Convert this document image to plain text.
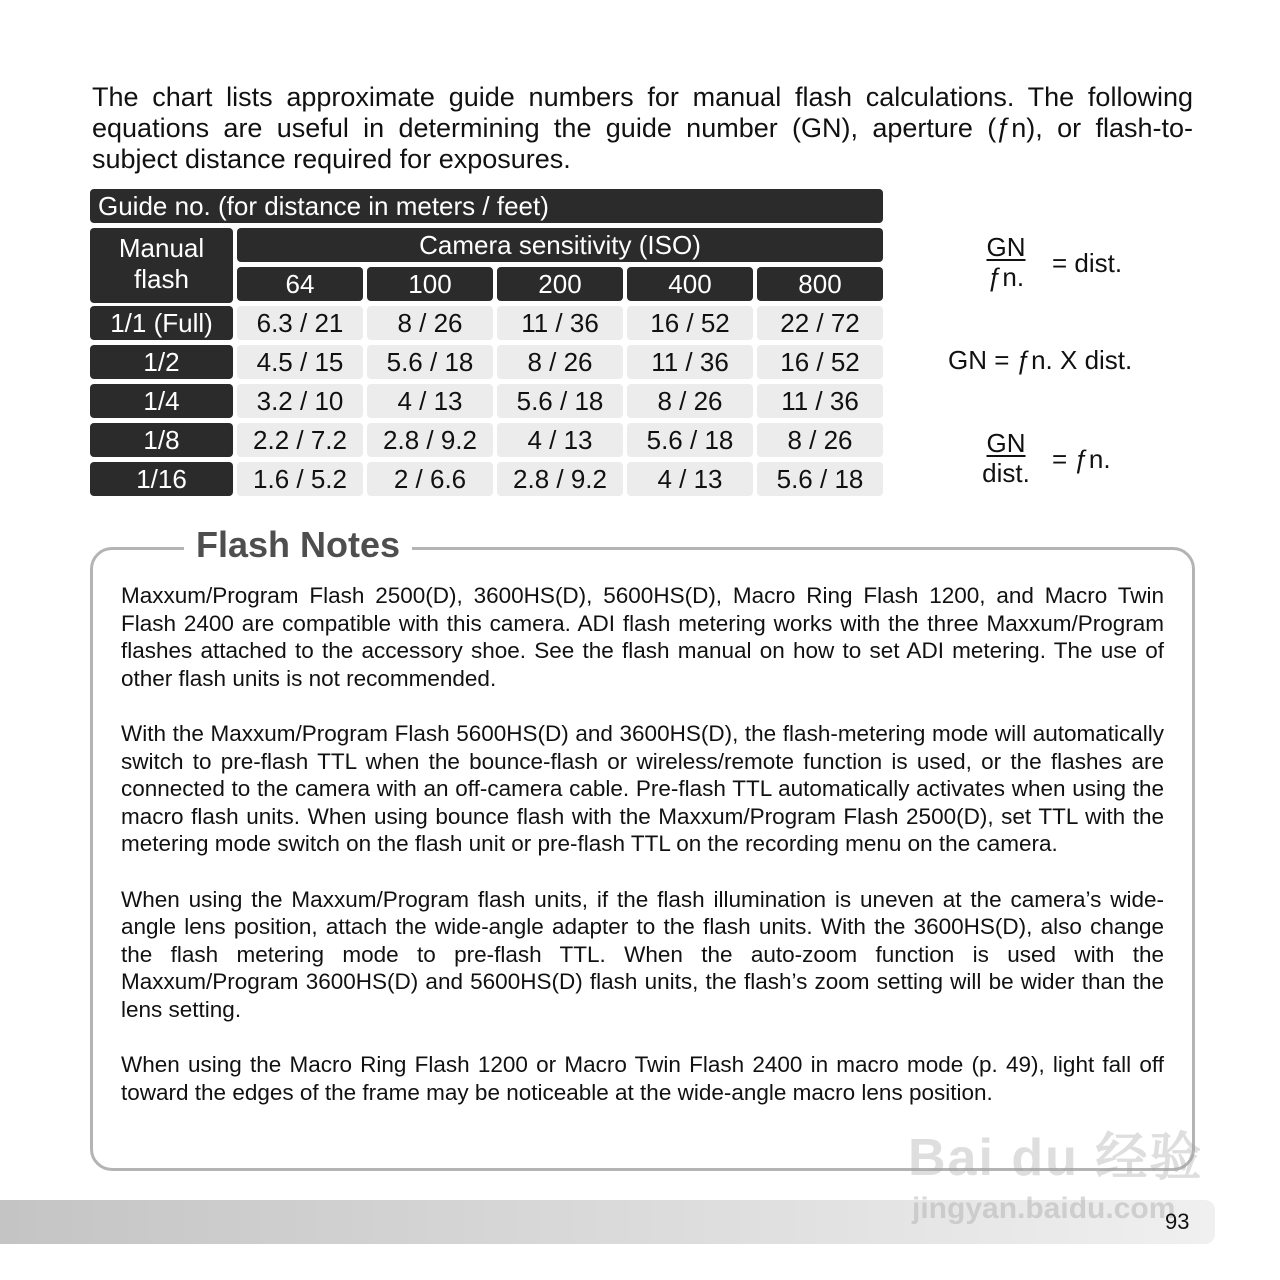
The chart lists approximate guide numbers for manual flash calculations. The following equations are useful in determining the guide number (GN), aperture (ƒn), or flash-to-subject distance required for exposures.

Guide no. (for distance in meters / feet)
Manual
flash
Camera sensitivity (ISO)
64	100	200	400	800
1/1 (Full)	6.3 / 21	8 / 26	11 / 36	16 / 52	22 / 72
1/2	4.5 / 15	5.6 / 18	8 / 26	11 / 36	16 / 52
1/4	3.2 / 10	4 / 13	5.6 / 18	8 / 26	11 / 36
1/8	2.2 / 7.2	2.8 / 9.2	4 / 13	5.6 / 18	8 / 26
1/16	1.6 / 5.2	2 / 6.6	2.8 / 9.2	4 / 13	5.6 / 18
$\frac{GN}{ƒn.}$ = dist.
GN = ƒn. X dist.
GN
dist. = ƒn.
Flash Notes

Maxxum/Program Flash 2500(D), 3600HS(D), 5600HS(D), Macro Ring Flash 1200, and Macro Twin Flash 2400 are compatible with this camera. ADI flash metering works with the three Maxxum/Program flashes attached to the accessory shoe. See the flash manual on how to set ADI metering. The use of other flash units is not recommended.

With the Maxxum/Program Flash 5600HS(D) and 3600HS(D), the flash-metering mode will automatically switch to pre-flash TTL when the bounce-flash or wireless/remote function is used, or the flashes are connected to the camera with an off-camera cable. Pre-flash TTL automatically activates when using the macro flash units. When using bounce flash with the Maxxum/Program Flash 2500(D), set TTL with the metering mode switch on the flash unit or pre-flash TTL on the recording menu on the camera.

When using the Maxxum/Program flash units, if the flash illumination is uneven at the camera’s wide-angle lens position, attach the wide-angle adapter to the flash units. With the 3600HS(D), also change the flash metering mode to pre-flash TTL. When the auto-zoom function is used with the Maxxum/Program 3600HS(D) and 5600HS(D) flash units, the flash’s zoom setting will be wider than the lens setting.

When using the Macro Ring Flash 1200 or Macro Twin Flash 2400 in macro mode (p. 49), light fall off toward the edges of the frame may be noticeable at the wide-angle macro lens position.

Bai du 经验
jingyan.baidu.com
93
